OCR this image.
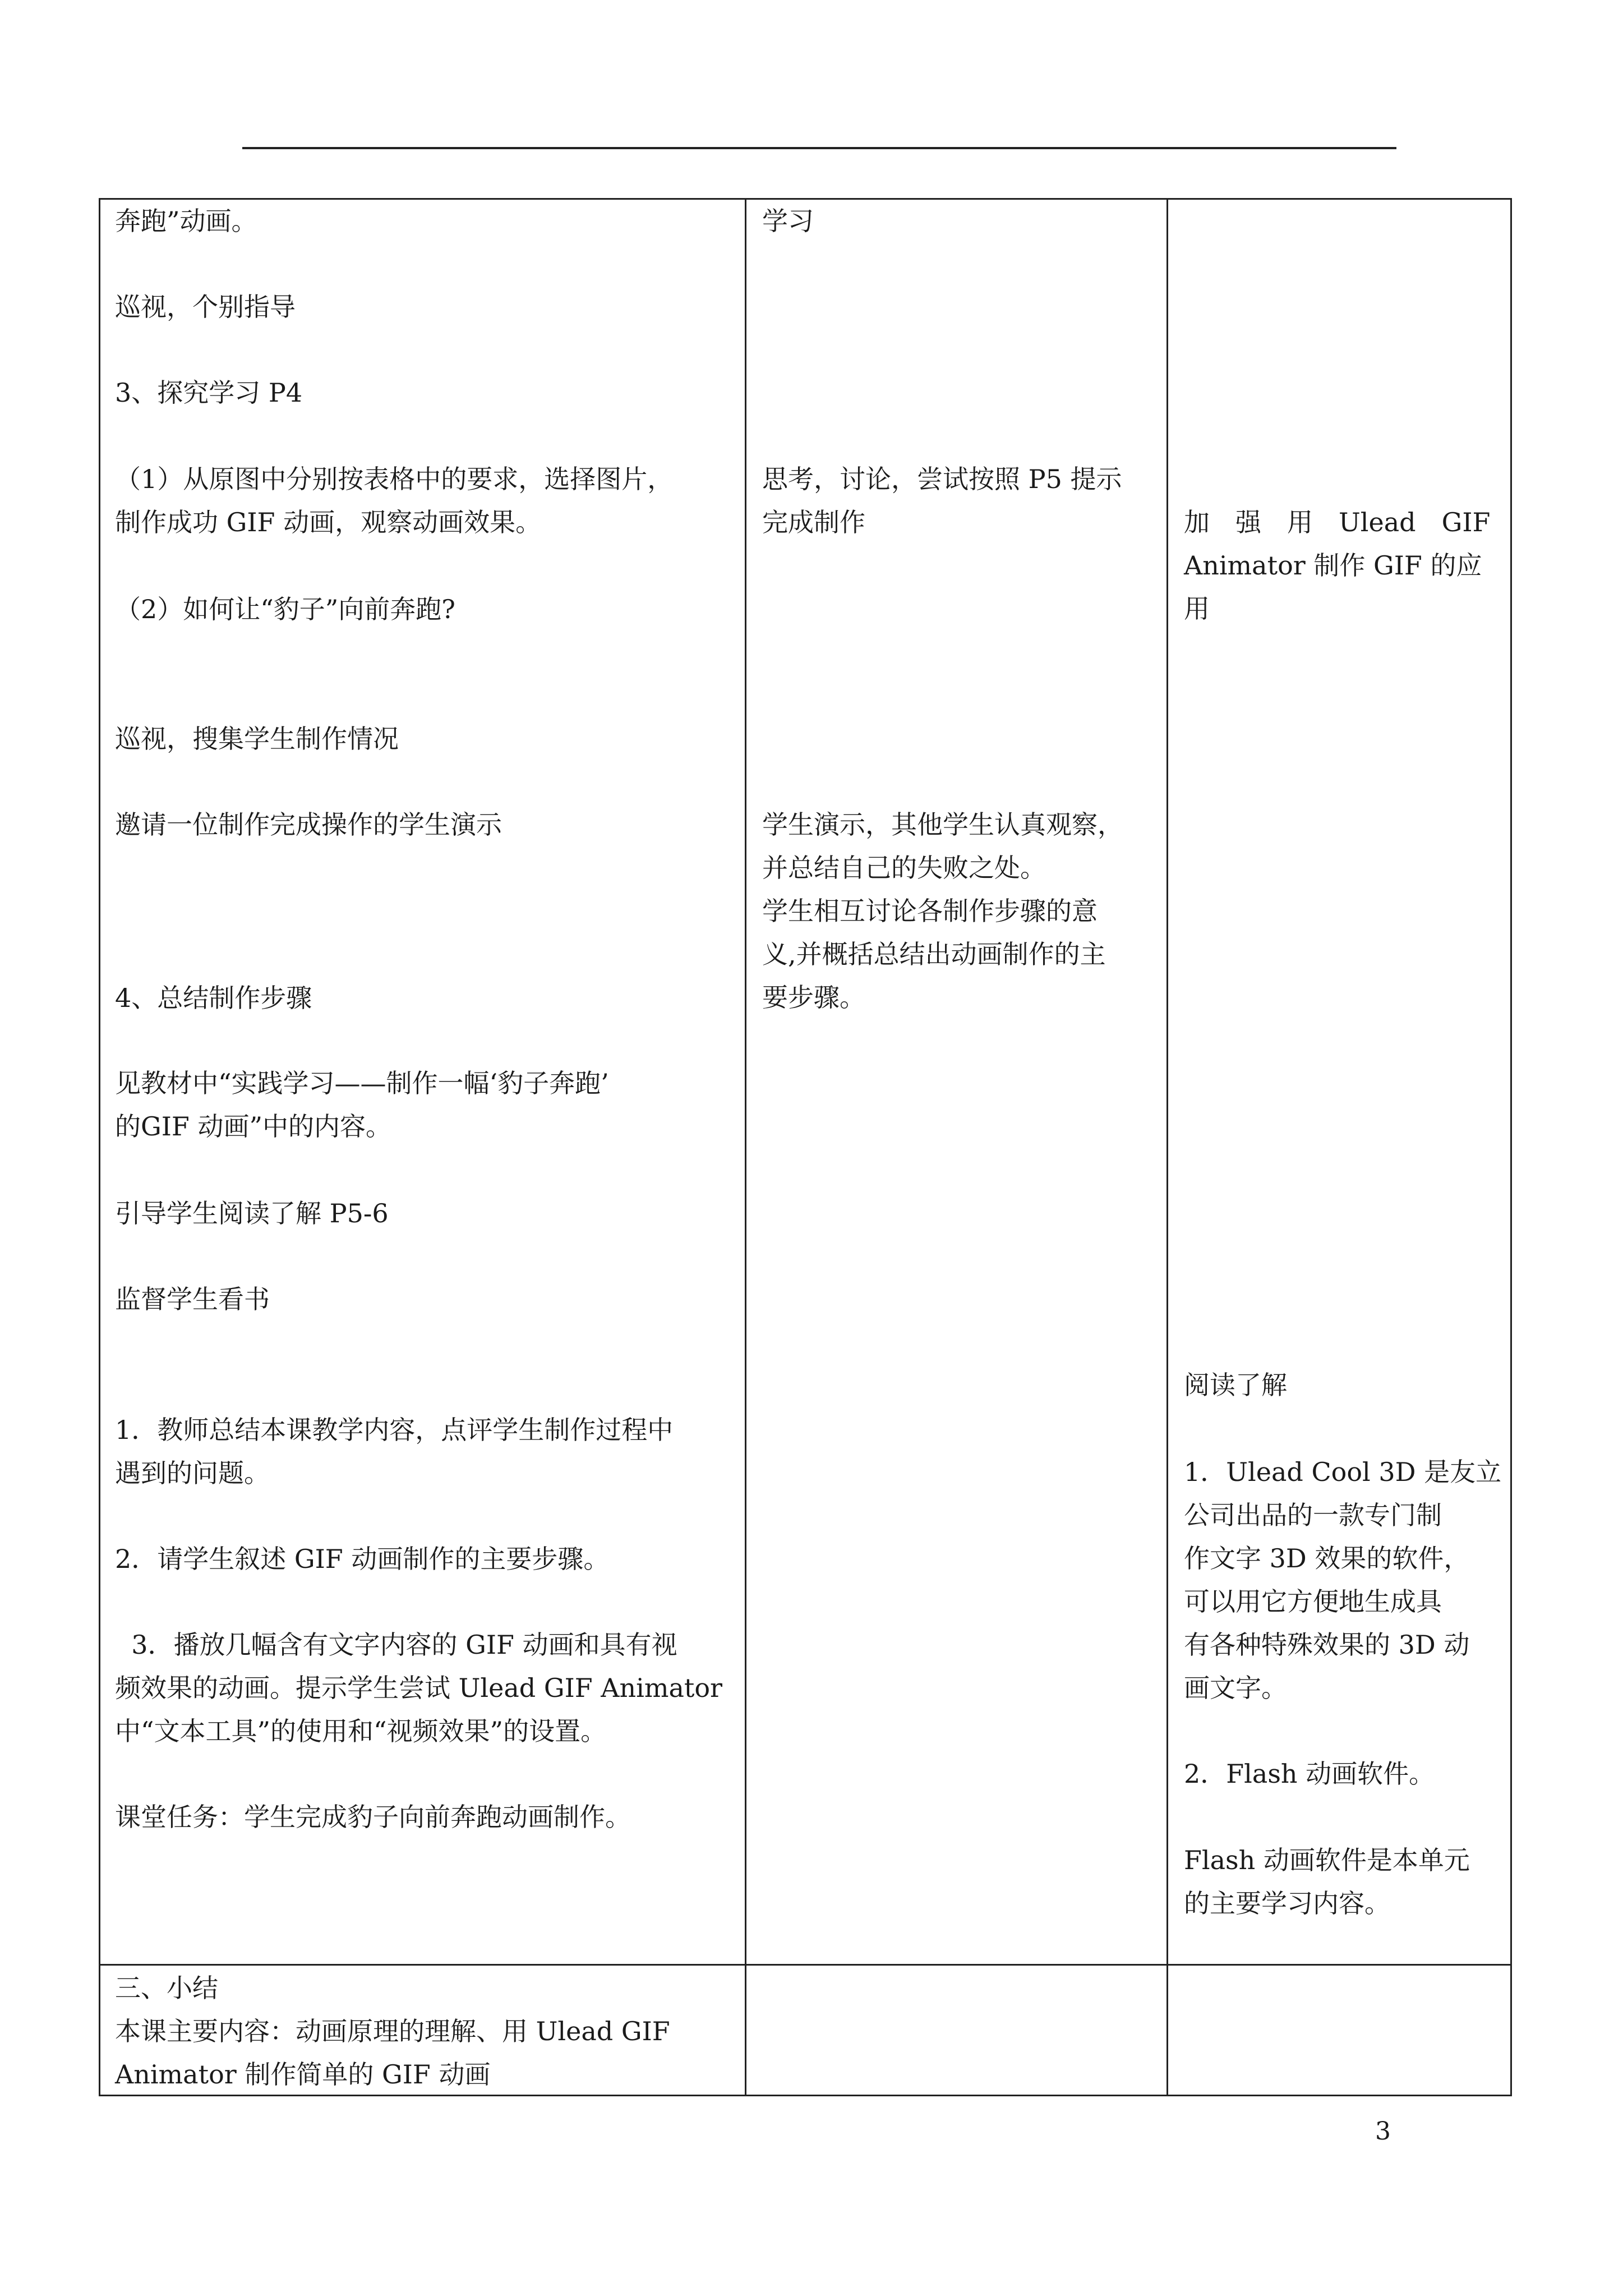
奔跑”动画。

巡视，个别指导

3、探究学习 P4

（1）从原图中分别按表格中的要求，选择图片，

制作成功 GIF 动画，观察动画效果。

（2）如何让“豹子”向前奔跑?

巡视，搜集学生制作情况

邀请一位制作完成操作的学生演示

4、总结制作步骤

见教材中“实践学习——制作一幅‘豹子奔跑’

的GIF 动画”中的内容。

引导学生阅读了解 P5-6

监督学生看书

1．教师总结本课教学内容，点评学生制作过程中

遇到的问题。

2．请学生叙述 GIF 动画制作的主要步骤。

3．播放几幅含有文字内容的 GIF 动画和具有视

频效果的动画。提示学生尝试 Ulead GIF Animator

中“文本工具”的使用和“视频效果”的设置。

课堂任务：学生完成豹子向前奔跑动画制作。

学习

思考，讨论，尝试按照 P5 提示

完成制作

学生演示，其他学生认真观察，

并总结自己的失败之处。

学生相互讨论各制作步骤的意

义,并概括总结出动画制作的主

要步骤。

加　强　用　Ulead　GIF

Animator 制作 GIF 的应

用

阅读了解

1．Ulead Cool 3D 是友立

公司出品的一款专门制

作文字 3D 效果的软件，

可以用它方便地生成具

有各种特殊效果的 3D 动

画文字。

2．Flash 动画软件。

Flash 动画软件是本单元

的主要学习内容。

三、小结

本课主要内容：动画原理的理解、用 Ulead GIF

Animator 制作简单的 GIF 动画

3
